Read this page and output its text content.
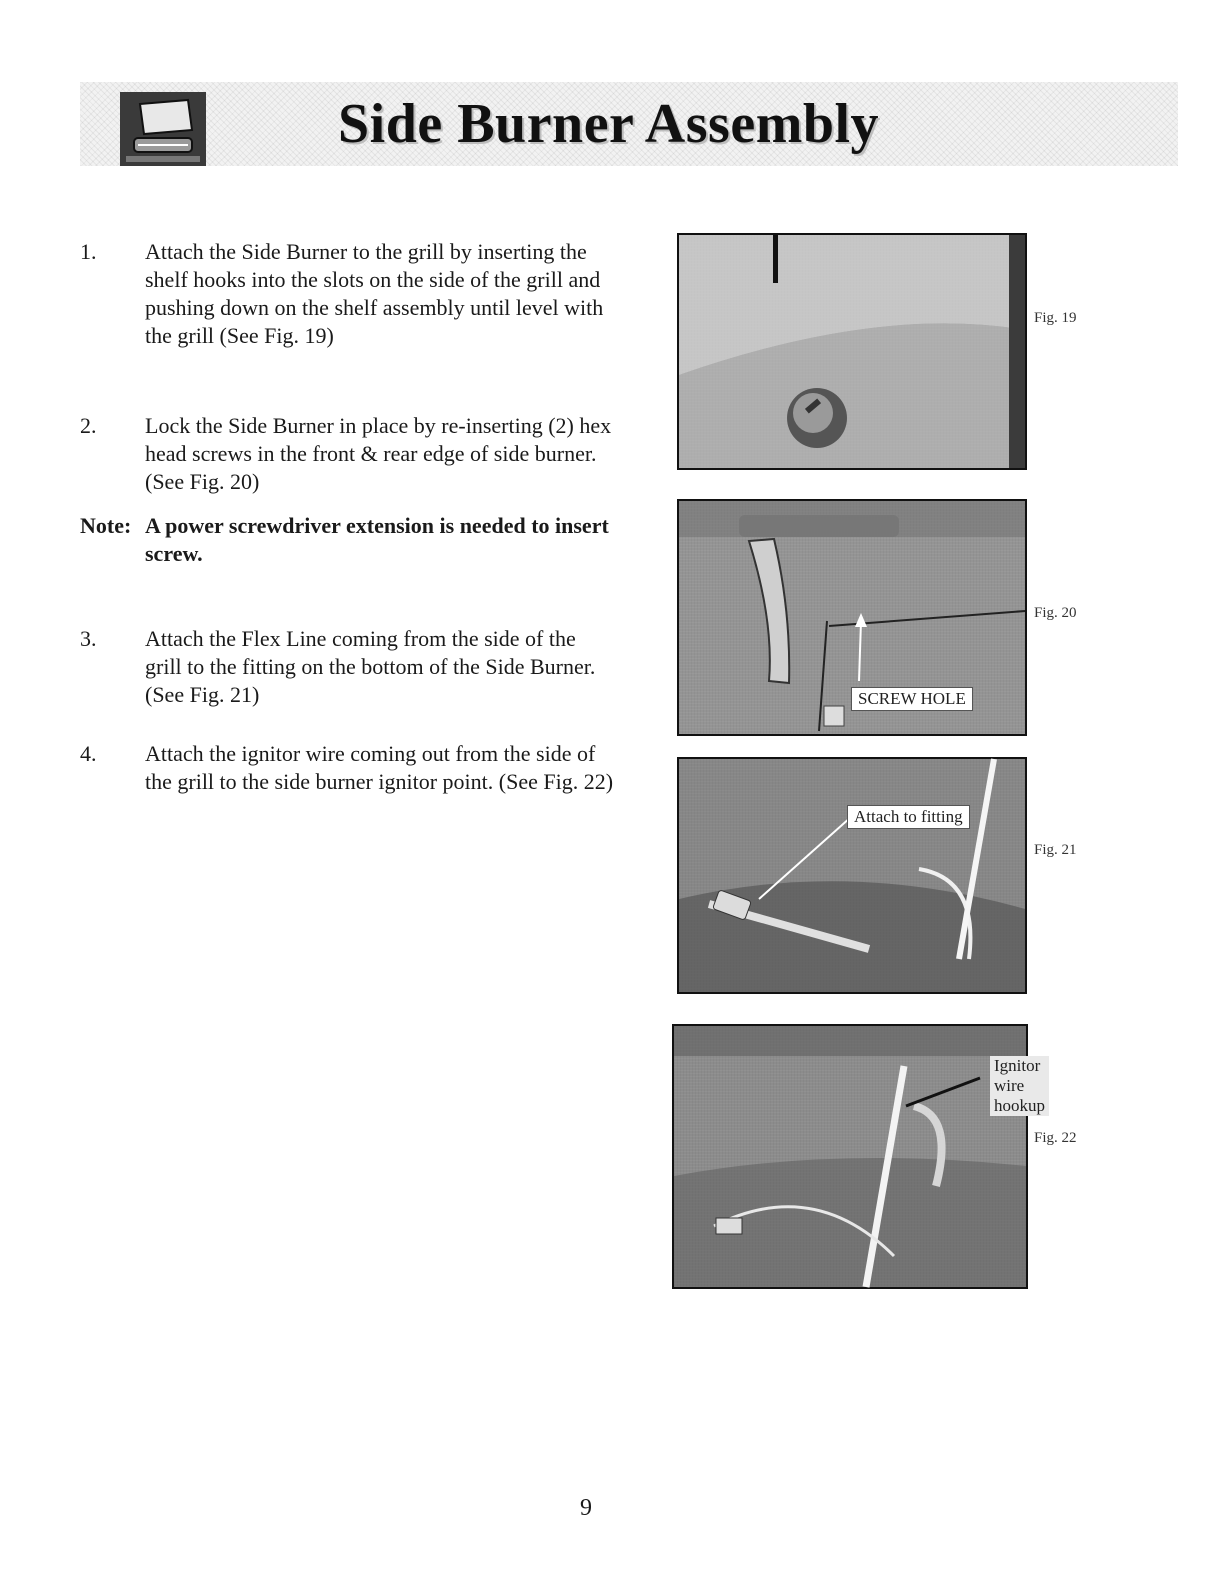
Side Burner Assembly
1. Attach the Side Burner to the grill by inserting the shelf hooks into the slots on the side of the grill and pushing down on the shelf assembly until level with the grill (See Fig. 19)
2. Lock the Side Burner in place by re-inserting (2) hex head screws in the front & rear edge of side burner. (See Fig. 20)
Note: A power screwdriver extension is needed to insert screw.
3. Attach the Flex Line coming from the side of the grill to the fitting on the bottom of the Side Burner. (See Fig. 21)
4. Attach the ignitor wire coming out from the side of the grill to the side burner ignitor point. (See Fig. 22)
Fig. 19
SCREW HOLE
Fig. 20
Attach to fitting
Fig. 21
Ignitor
wire
hookup
Fig. 22
9
